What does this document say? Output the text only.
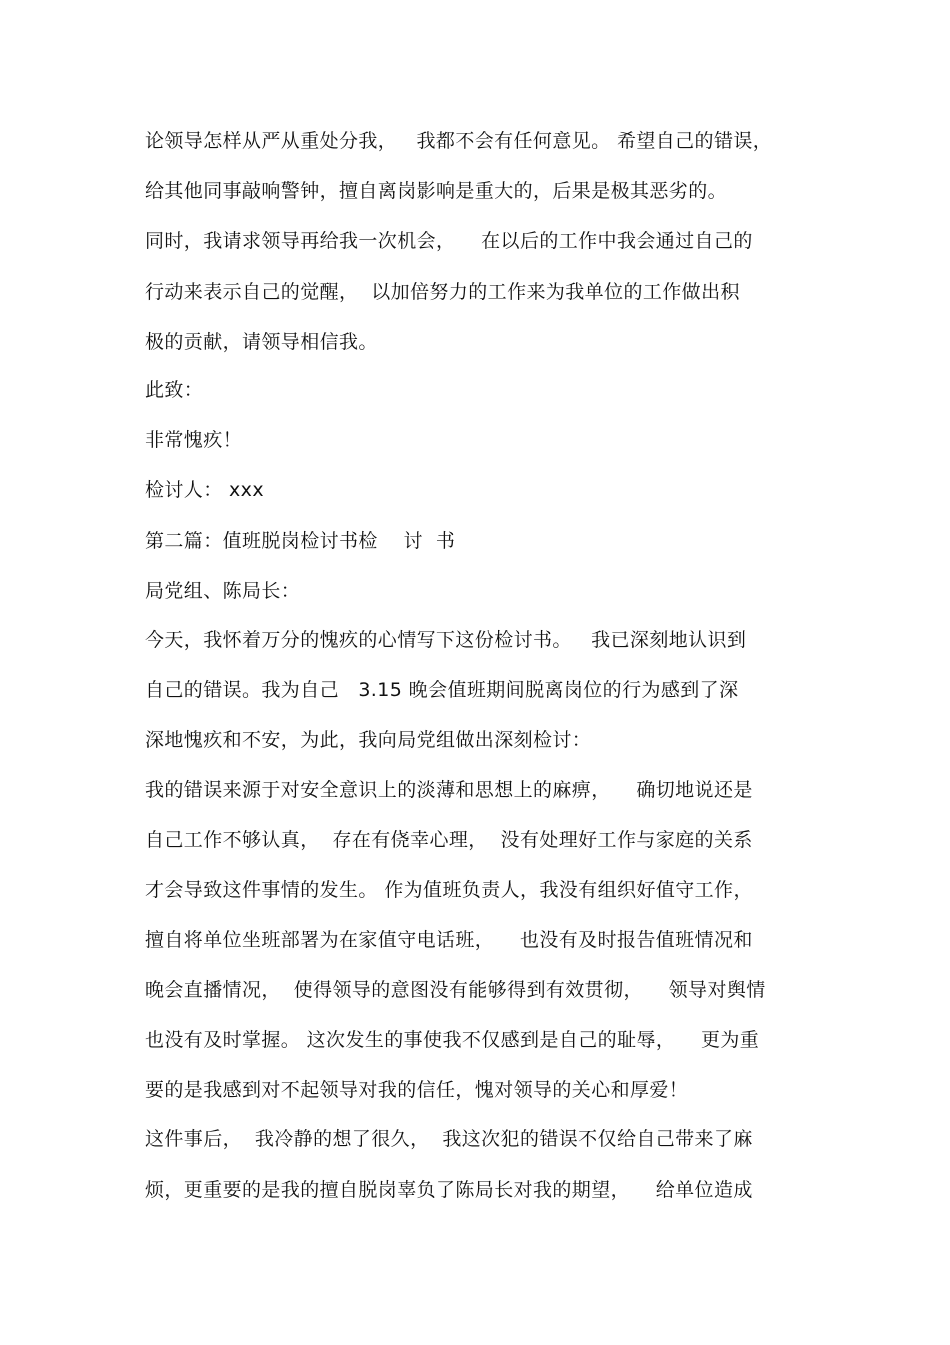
论领导怎样从严从重处分我，   我都不会有任何意见。 希望自己的错误，
给其他同事敲响警钟，擅自离岗影响是重大的，后果是极其恶劣的。
同时，我请求领导再给我一次机会，    在以后的工作中我会通过自己的
行动来表示自己的觉醒，  以加倍努力的工作来为我单位的工作做出积
极的贡献，请领导相信我。
此致：
非常愧疚！
检讨人： xxx
第二篇：值班脱岗检讨书检    讨  书
局党组、陈局长：
今天，我怀着万分的愧疚的心情写下这份检讨书。   我已深刻地认识到
自己的错误。我为自己   3.15 晚会值班期间脱离岗位的行为感到了深
深地愧疚和不安，为此，我向局党组做出深刻检讨：
我的错误来源于对安全意识上的淡薄和思想上的麻痹，    确切地说还是
自己工作不够认真，  存在有侥幸心理，  没有处理好工作与家庭的关系
才会导致这件事情的发生。 作为值班负责人，我没有组织好值守工作，
擅自将单位坐班部署为在家值守电话班，    也没有及时报告值班情况和
晚会直播情况，  使得领导的意图没有能够得到有效贯彻，    领导对舆情
也没有及时掌握。 这次发生的事使我不仅感到是自己的耻辱，    更为重
要的是我感到对不起领导对我的信任，愧对领导的关心和厚爱！
这件事后，  我冷静的想了很久，  我这次犯的错误不仅给自己带来了麻
烦，更重要的是我的擅自脱岗辜负了陈局长对我的期望，    给单位造成
